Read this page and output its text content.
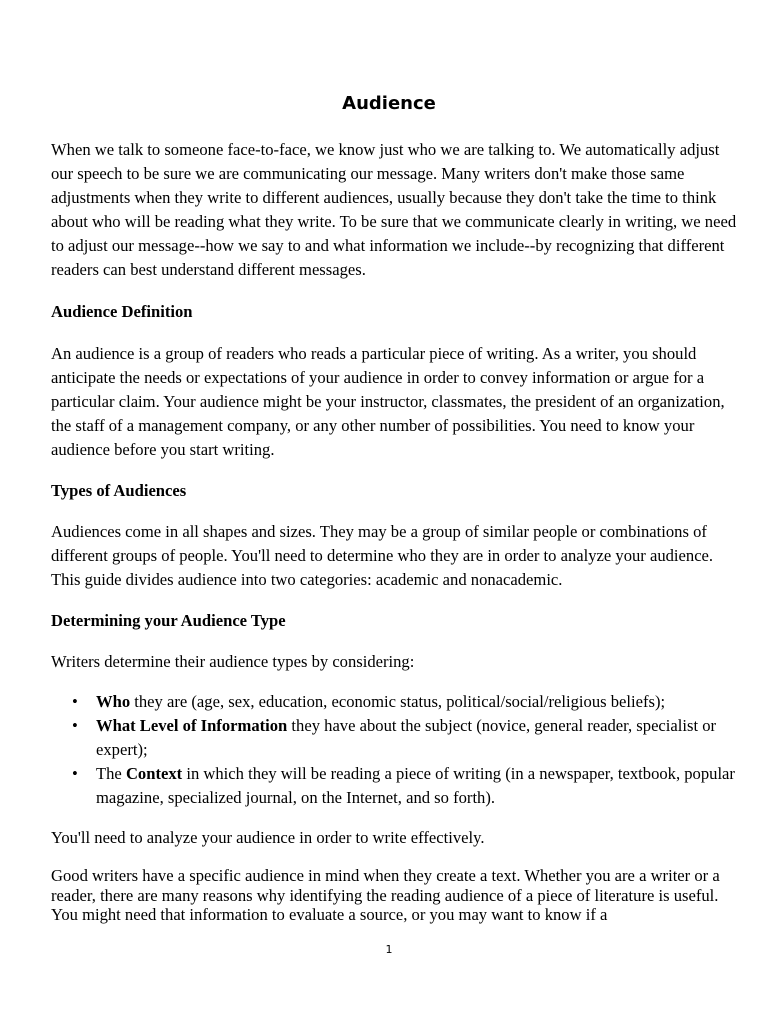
Audience

When we talk to someone face-to-face, we know just who we are talking to. We automatically adjust our speech to be sure we are communicating our message. Many writers don't make those same adjustments when they write to different audiences, usually because they don't take the time to think about who will be reading what they write. To be sure that we communicate clearly in writing, we need to adjust our message--how we say to and what information we include--by recognizing that different readers can best understand different messages.

Audience Definition

An audience is a group of readers who reads a particular piece of writing. As a writer, you should anticipate the needs or expectations of your audience in order to convey information or argue for a particular claim. Your audience might be your instructor, classmates, the president of an organization, the staff of a management company, or any other number of possibilities. You need to know your audience before you start writing.

Types of Audiences

Audiences come in all shapes and sizes. They may be a group of similar people or combinations of different groups of people. You'll need to determine who they are in order to analyze your audience. This guide divides audience into two categories: academic and nonacademic.

Determining your Audience Type

Writers determine their audience types by considering:

• Who they are (age, sex, education, economic status, political/social/religious beliefs);
• What Level of Information they have about the subject (novice, general reader, specialist or expert);
• The Context in which they will be reading a piece of writing (in a newspaper, textbook, popular magazine, specialized journal, on the Internet, and so forth).

You'll need to analyze your audience in order to write effectively.

Good writers have a specific audience in mind when they create a text. Whether you are a writer or a reader, there are many reasons why identifying the reading audience of a piece of literature is useful. You might need that information to evaluate a source, or you may want to know if a

1
